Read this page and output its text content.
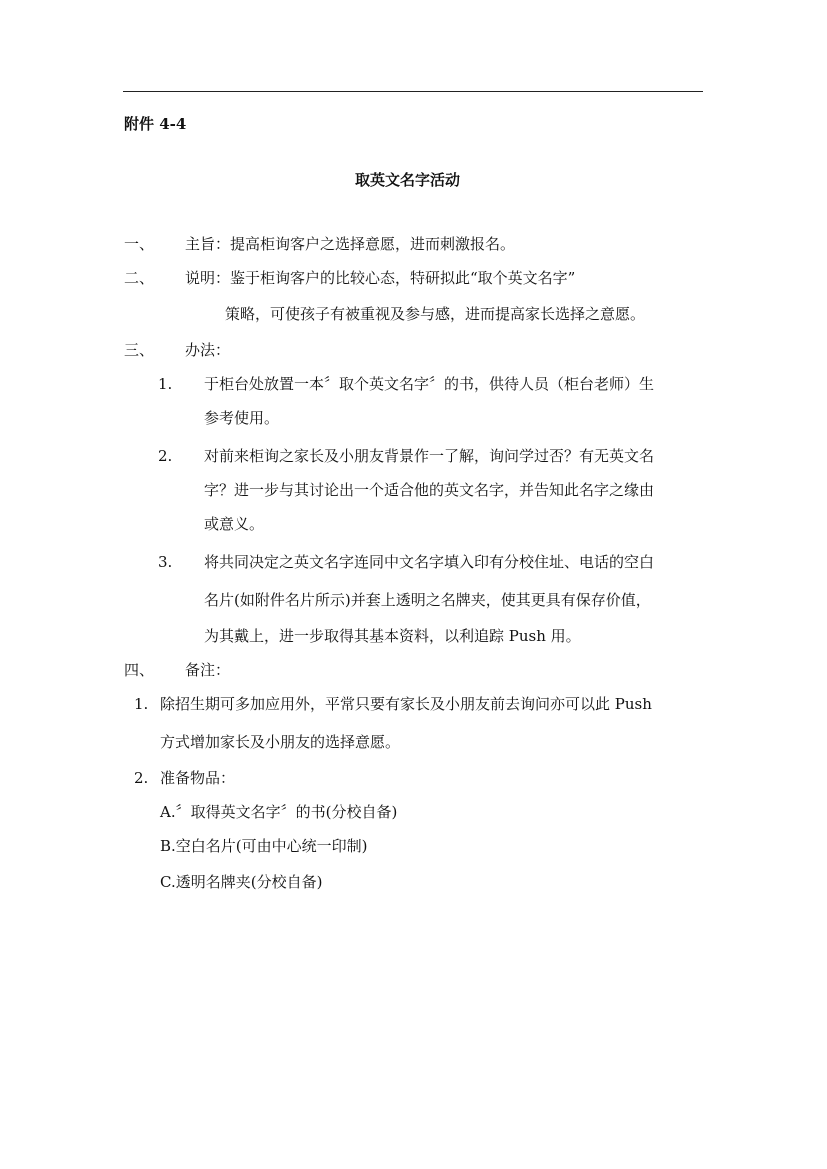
附件 4-4
取英文名字活动
一、 主旨：提高柜询客户之选择意愿，进而刺激报名。
二、 说明：鉴于柜询客户的比较心态，特研拟此“取个英文名字”
策略，可使孩子有被重视及参与感，进而提高家长选择之意愿。
三、 办法：
1. 于柜台处放置一本〞取个英文名字〞的书，供待人员（柜台老师）生
参考使用。
2. 对前来柜询之家长及小朋友背景作一了解，询问学过否？有无英文名
字？进一步与其讨论出一个适合他的英文名字，并告知此名字之缘由
或意义。
3. 将共同决定之英文名字连同中文名字填入印有分校住址、电话的空白
名片(如附件名片所示)并套上透明之名牌夹，使其更具有保存价值，
为其戴上，进一步取得其基本资料，以利追踪 Push 用。
四、 备注：
1. 除招生期可多加应用外，平常只要有家长及小朋友前去询问亦可以此 Push
方式增加家长及小朋友的选择意愿。
2. 准备物品：
A.〞取得英文名字〞的书(分校自备)
B.空白名片(可由中心统一印制)
C.透明名牌夹(分校自备)
